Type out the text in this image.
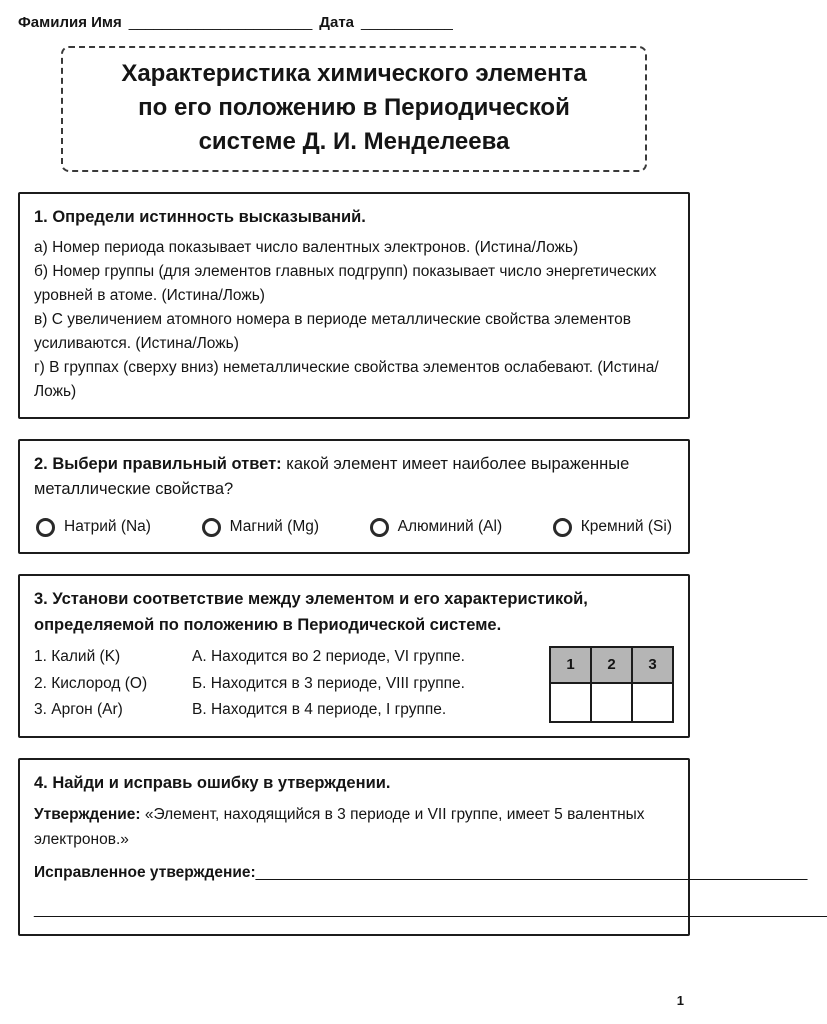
Фамилия Имя ______________________ Дата ___________
Характеристика химического элемента
по его положению в Периодической
системе Д. И. Менделеева
1. Определи истинность высказываний.
а) Номер периода показывает число валентных электронов. (Истина/Ложь)
б) Номер группы (для элементов главных подгрупп) показывает число энергетических уровней в атоме. (Истина/Ложь)
в) С увеличением атомного номера в периоде металлические свойства элементов усиливаются. (Истина/Ложь)
г) В группах (сверху вниз) неметаллические свойства элементов ослабевают. (Истина/Ложь)
2. Выбери правильный ответ: какой элемент имеет наиболее выраженные металлические свойства?
Натрий (Na)	Магний (Mg)	Алюминий (Al)	Кремний (Si)
3. Установи соответствие между элементом и его характеристикой, определяемой по положению в Периодической системе.
1. Калий (K)
2. Кислород (O)
3. Аргон (Ar)
А. Находится во 2 периоде, VI группе.
Б. Находится в 3 периоде, VIII группе.
В. Находится в 4 периоде, I группе.
1	2	3

4. Найди и исправь ошибку в утверждении.
Утверждение: «Элемент, находящийся в 3 периоде и VII группе, имеет 5 валентных электронов.»
Исправленное утверждение: ________________________________________________________________
____________________________________________________________________________________________
1
